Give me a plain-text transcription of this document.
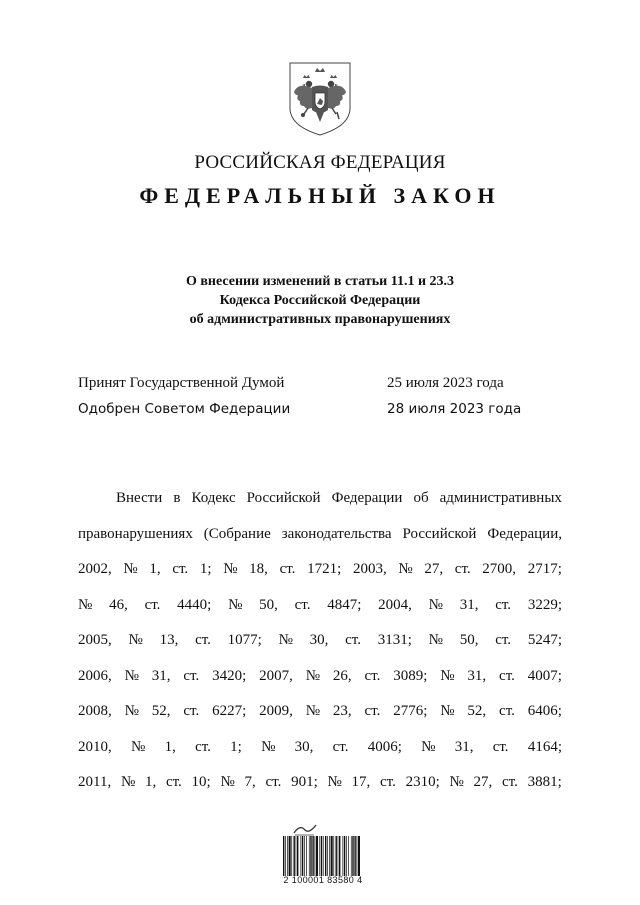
РОССИЙСКАЯ ФЕДЕРАЦИЯ
ФЕДЕРАЛЬНЫЙ ЗАКОН
О внесении изменений в статьи 11.1 и 23.3
Кодекса Российской Федерации
об административных правонарушениях
Принят Государственной Думой	25 июля 2023 года
Одобрен Советом Федерации	28 июля 2023 года
Внести в Кодекс Российской Федерации об административных
правонарушениях (Собрание законодательства Российской Федерации,
2002, № 1, ст. 1; № 18, ст. 1721; 2003, № 27, ст. 2700, 2717;
№ 46, ст. 4440; № 50, ст. 4847; 2004, № 31, ст. 3229;
2005, № 13, ст. 1077; № 30, ст. 3131; № 50, ст. 5247;
2006, № 31, ст. 3420; 2007, № 26, ст. 3089; № 31, ст. 4007;
2008, № 52, ст. 6227; 2009, № 23, ст. 2776; № 52, ст. 6406;
2010, № 1, ст. 1; № 30, ст. 4006; № 31, ст. 4164;
2011, № 1, ст. 10; № 7, ст. 901; № 17, ст. 2310; № 27, ст. 3881;
2 100001 83580 4
